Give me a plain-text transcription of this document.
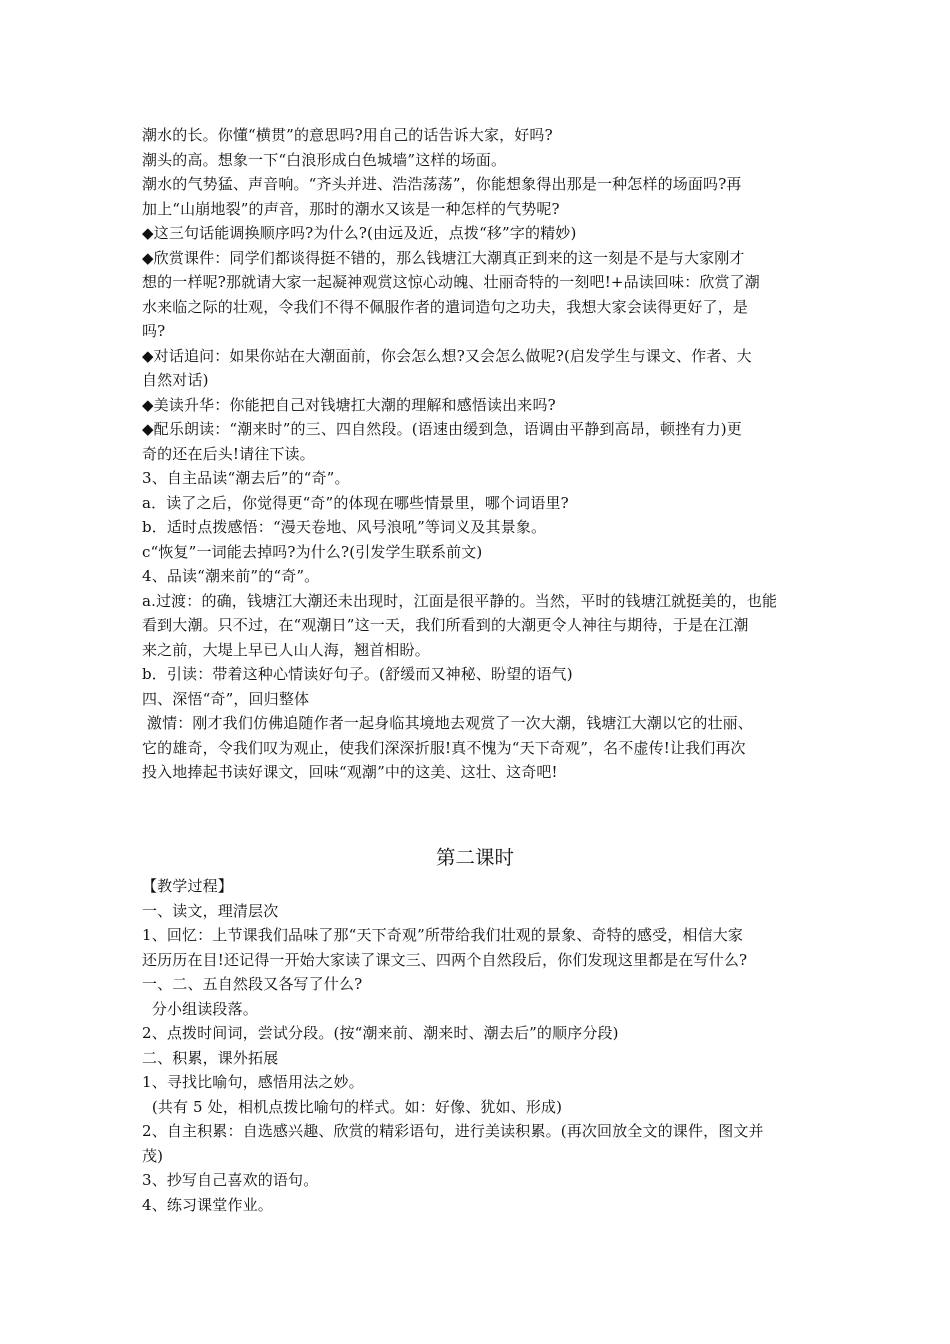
潮水的长。你懂“横贯”的意思吗?用自己的话告诉大家，好吗?
潮头的高。想象一下“白浪形成白色城墙”这样的场面。
潮水的气势猛、声音响。“齐头并进、浩浩荡荡”，你能想象得出那是一种怎样的场面吗?再
加上“山崩地裂”的声音，那时的潮水又该是一种怎样的气势呢?
◆这三句话能调换顺序吗?为什么?(由远及近，点拨“移”字的精妙)
◆欣赏课件：同学们都谈得挺不错的，那么钱塘江大潮真正到来的这一刻是不是与大家刚才
想的一样呢?那就请大家一起凝神观赏这惊心动魄、壮丽奇特的一刻吧!+品读回味：欣赏了潮
水来临之际的壮观，令我们不得不佩服作者的遣词造句之功夫，我想大家会读得更好了，是
吗?
◆对话追问：如果你站在大潮面前，你会怎么想?又会怎么做呢?(启发学生与课文、作者、大
自然对话)
◆美读升华：你能把自己对钱塘扛大潮的理解和感悟读出来吗?
◆配乐朗读：“潮来时”的三、四自然段。(语速由缓到急，语调由平静到高昂，顿挫有力)更
奇的还在后头!请往下读。
3、自主品读“潮去后”的“奇”。
a．读了之后，你觉得更“奇”的体现在哪些情景里，哪个词语里?
b．适时点拨感悟：“漫天卷地、风号浪吼”等词义及其景象。
c“恢复”一词能去掉吗?为什么?(引发学生联系前文)
4、品读“潮来前”的“奇”。
a.过渡：的确，钱塘江大潮还未出现时，江面是很平静的。当然，平时的钱塘江就挺美的，也能
看到大潮。只不过，在“观潮日”这一天，我们所看到的大潮更令人神往与期待，于是在江潮
来之前，大堤上早已人山人海，翘首相盼。
b．引读：带着这种心情读好句子。(舒缓而又神秘、盼望的语气)
四、深悟“奇”，回归整体
激情：刚才我们仿佛追随作者一起身临其境地去观赏了一次大潮，钱塘江大潮以它的壮丽、
它的雄奇，令我们叹为观止，使我们深深折服!真不愧为“天下奇观”，名不虚传!让我们再次
投入地捧起书读好课文，回味“观潮”中的这美、这壮、这奇吧!
第二课时
【教学过程】
一、读文，理清层次
1、回忆：上节课我们品味了那“天下奇观”所带给我们壮观的景象、奇特的感受，相信大家
还历历在目!还记得一开始大家读了课文三、四两个自然段后，你们发现这里都是在写什么?
一、二、五自然段又各写了什么?
分小组读段落。
2、点拨时间词，尝试分段。(按“潮来前、潮来时、潮去后”的顺序分段)
二、积累，课外拓展
1、寻找比喻句，感悟用法之妙。
(共有 5 处，相机点拨比喻句的样式。如：好像、犹如、形成)
2、自主积累：自选感兴趣、欣赏的精彩语句，进行美读积累。(再次回放全文的课件，图文并
茂)
3、抄写自己喜欢的语句。
4、练习课堂作业。
